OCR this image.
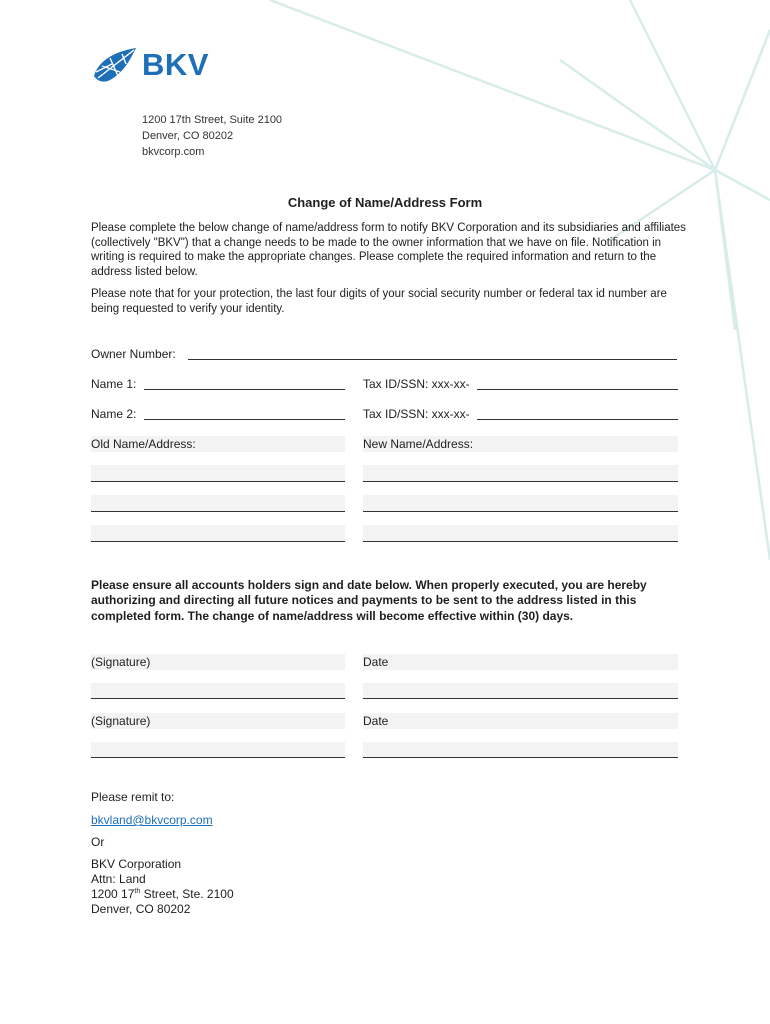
BKV
1200 17th Street, Suite 2100
Denver, CO 80202
bkvcorp.com
Change of Name/Address Form
Please complete the below change of name/address form to notify BKV Corporation and its subsidiaries and affiliates (collectively "BKV") that a change needs to be made to the owner information that we have on file. Notification in writing is required to make the appropriate changes. Please complete the required information and return to the address listed below.
Please note that for your protection, the last four digits of your social security number or federal tax id number are being requested to verify your identity.
Owner Number:
Name 1:	Tax ID/SSN: xxx-xx-
Name 2:	Tax ID/SSN: xxx-xx-
Old Name/Address:	New Name/Address:
Please ensure all accounts holders sign and date below. When properly executed, you are hereby authorizing and directing all future notices and payments to be sent to the address listed in this completed form. The change of name/address will become effective within (30) days.
(Signature)	Date
(Signature)	Date
Please remit to:
bkvland@bkvcorp.com
Or
BKV Corporation
Attn: Land
1200 17th Street, Ste. 2100
Denver, CO 80202
